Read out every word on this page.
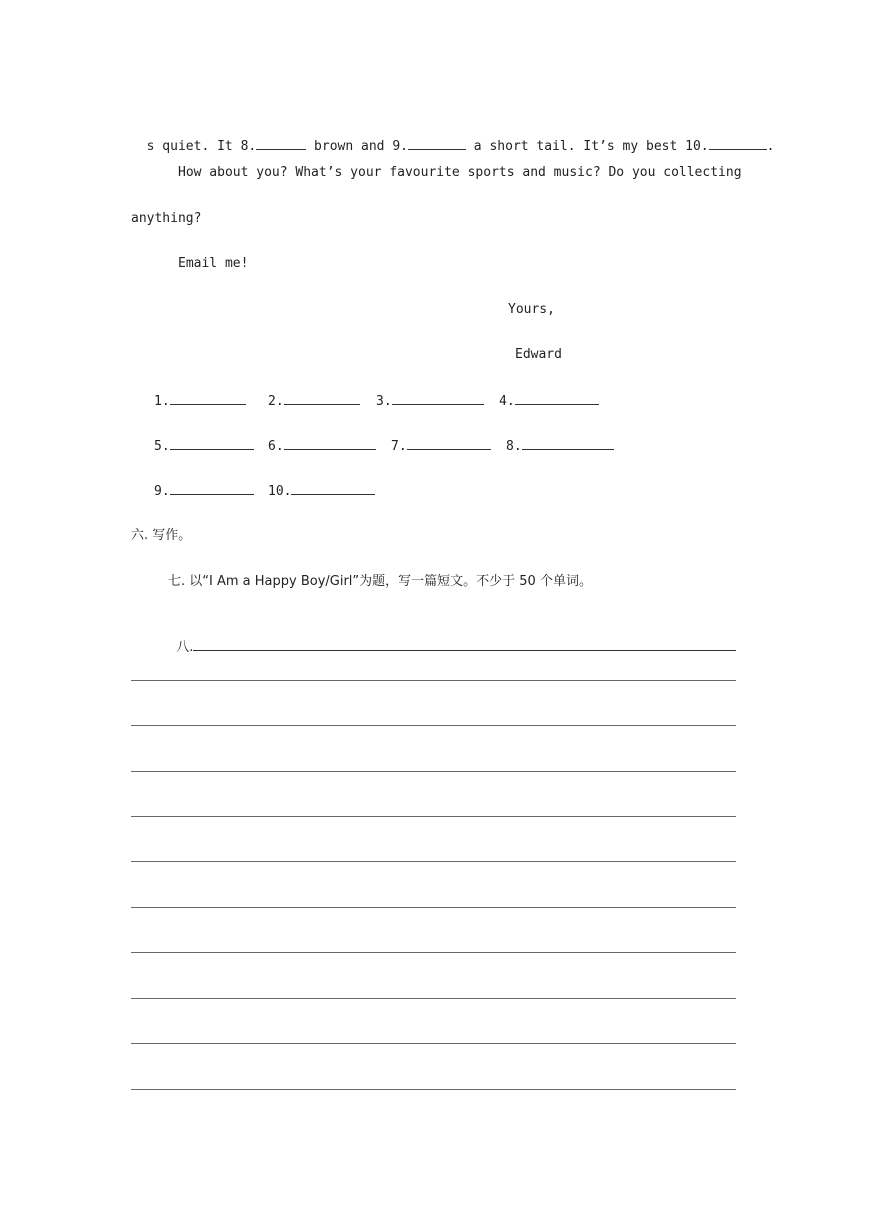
s quiet. It 8.	brown and 9.	a short tail. It’s my best 10.	.

How about you? What’s your favourite sports and music? Do you collecting
anything?
Email me!
Yours,
Edward
1.	2.	3.	4.
5.	6.	7.	8.
9.	10.
六. 写作。
七. 以“I Am a Happy Boy/Girl”为题，写一篇短文。不少于 50 个单词。

八.
